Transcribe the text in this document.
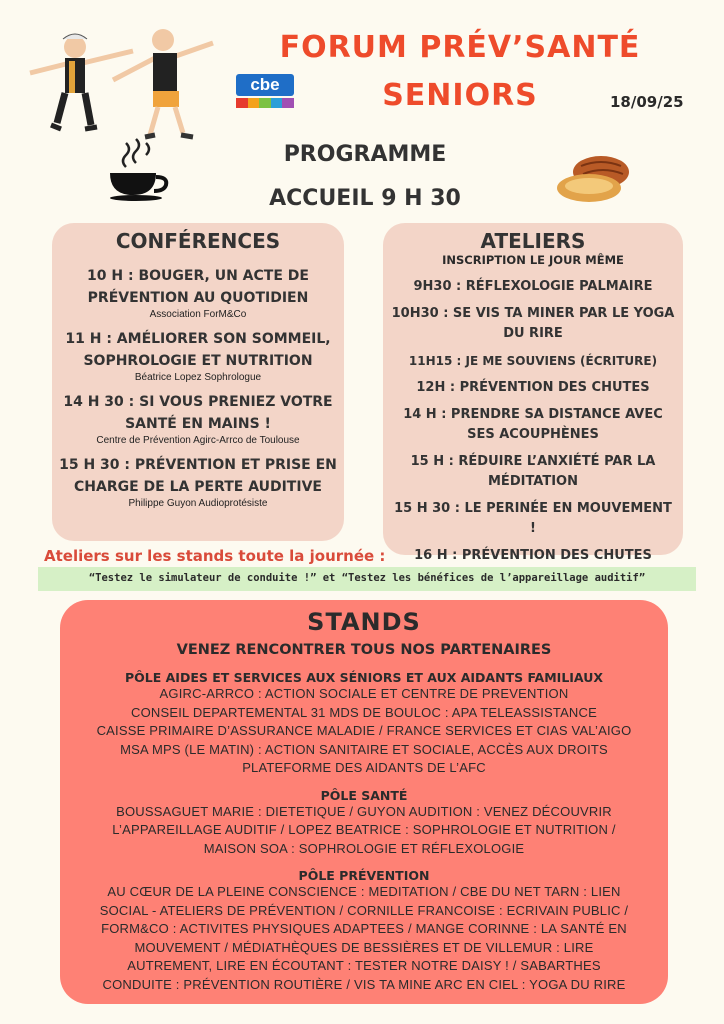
cbe
FORUM PRÉV’SANTÉ
SENIORS	18/09/25
PROGRAMME
ACCUEIL 9 H 30
CONFÉRENCES
10 H : BOUGER, UN ACTE DE PRÉVENTION AU QUOTIDIEN
Association ForM&Co
11 H : AMÉLIORER SON SOMMEIL, SOPHROLOGIE ET NUTRITION
Béatrice Lopez Sophrologue
14 H 30 : SI VOUS PRENIEZ VOTRE SANTÉ EN MAINS !
Centre de Prévention Agirc-Arrco de Toulouse
15 H 30 : PRÉVENTION ET PRISE EN CHARGE DE LA PERTE AUDITIVE
Philippe Guyon Audioprotésiste
ATELIERS
INSCRIPTION LE JOUR MÊME
9H30 : RÉFLEXOLOGIE PALMAIRE
10H30 : SE VIS TA MINER PAR LE YOGA DU RIRE
11H15 : JE ME SOUVIENS (ÉCRITURE)
12H : PRÉVENTION DES CHUTES
14 H : PRENDRE SA DISTANCE AVEC SES ACOUPHÈNES
15 H : RÉDUIRE L’ANXIÉTÉ PAR LA MÉDITATION
15 H 30 : LE PERINÉE EN MOUVEMENT !
16 H : PRÉVENTION DES CHUTES
Ateliers sur les stands toute la journée :
“Testez le simulateur de conduite !” et “Testez les bénéfices de l’appareillage auditif”
STANDS
VENEZ RENCONTRER TOUS NOS PARTENAIRES
PÔLE AIDES ET SERVICES AUX SÉNIORS ET AUX AIDANTS FAMILIAUX
AGIRC-ARRCO : ACTION SOCIALE ET CENTRE DE PREVENTION
CONSEIL DEPARTEMENTAL 31 MDS DE BOULOC : APA TELEASSISTANCE
CAISSE PRIMAIRE D’ASSURANCE MALADIE / FRANCE SERVICES ET CIAS VAL’AIGO
MSA MPS (LE MATIN) : ACTION SANITAIRE ET SOCIALE, ACCÈS AUX DROITS
PLATEFORME DES AIDANTS DE L’AFC
PÔLE SANTÉ
BOUSSAGUET MARIE : DIETETIQUE / GUYON AUDITION : VENEZ DÉCOUVRIR
L’APPAREILLAGE AUDITIF / LOPEZ BEATRICE : SOPHROLOGIE ET NUTRITION /
MAISON SOA : SOPHROLOGIE ET RÉFLEXOLOGIE
PÔLE PRÉVENTION
AU CŒUR DE LA PLEINE CONSCIENCE : MEDITATION / CBE DU NET TARN : LIEN
SOCIAL - ATELIERS DE PRÉVENTION / CORNILLE FRANCOISE : ECRIVAIN PUBLIC /
FORM&CO : ACTIVITES PHYSIQUES ADAPTEES / MANGE CORINNE : LA SANTÉ EN
MOUVEMENT / MÉDIATHÈQUES DE BESSIÈRES ET DE VILLEMUR : LIRE
AUTREMENT, LIRE EN ÉCOUTANT : TESTER NOTRE DAISY ! / SABARTHES
CONDUITE : PRÉVENTION ROUTIÈRE / VIS TA MINE ARC EN CIEL : YOGA DU RIRE
